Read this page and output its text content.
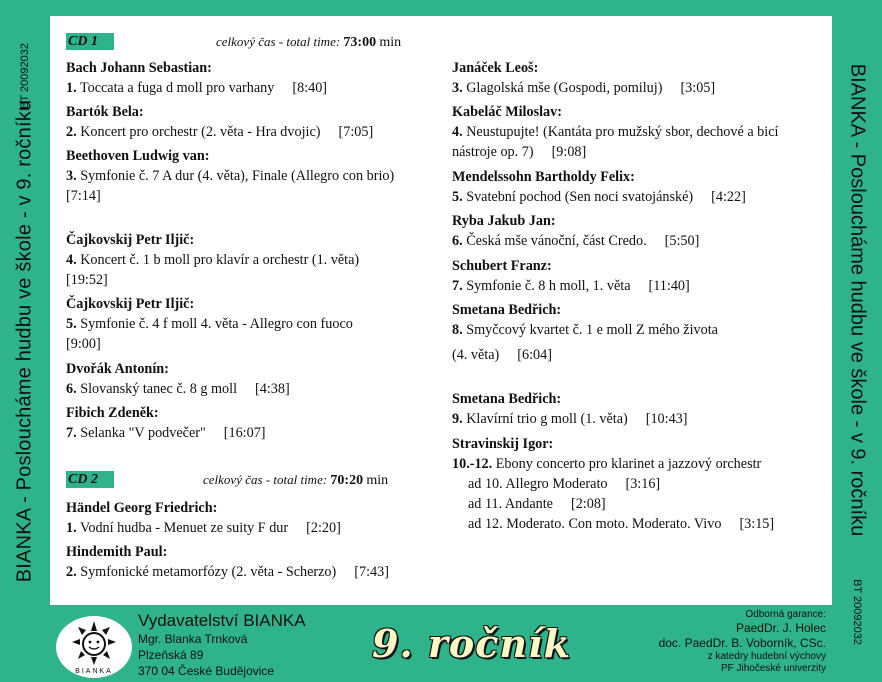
BIANKA - Posloucháme hudbu ve škole - v 9. ročníku
BT 20092032	BIANKA - Posloucháme hudbu ve škole - v 9. ročníku
BT 20092032
CD 1	celkový čas - total time: 73:00 min
Bach Johann Sebastian:
1. Toccata a fuga d moll pro varhany [8:40]
Bartók Bela:
2. Koncert pro orchestr (2. věta - Hra dvojic) [7:05]
Beethoven Ludwig van:
3. Symfonie č. 7 A dur (4. věta), Finale (Allegro con brio)
[7:14]
Čajkovskij Petr Iljič:
4. Koncert č. 1 b moll pro klavír a orchestr (1. věta)
[19:52]
Čajkovskij Petr Iljič:
5. Symfonie č. 4 f moll 4. věta - Allegro con fuoco
[9:00]
Dvořák Antonín:
6. Slovanský tanec č. 8 g moll [4:38]
Fibich Zdeněk:
7. Selanka "V podvečer" [16:07]
CD 2	celkový čas - total time: 70:20 min
Händel Georg Friedrich:
1. Vodní hudba - Menuet ze suity F dur [2:20]
Hindemith Paul:
2. Symfonické metamorfózy (2. věta - Scherzo) [7:43]
Janáček Leoš:
3. Glagolská mše (Gospodi, pomiluj) [3:05]
Kabeláč Miloslav:
4. Neustupujte! (Kantáta pro mužský sbor, dechové a bicí nástroje op. 7) [9:08]
Mendelssohn Bartholdy Felix:
5. Svatební pochod (Sen noci svatojánské) [4:22]
Ryba Jakub Jan:
6. Česká mše vánoční, část Credo. [5:50]
Schubert Franz:
7. Symfonie č. 8 h moll, 1. věta [11:40]
Smetana Bedřich:
8. Smyčcový kvartet č. 1 e moll Z mého života
(4. věta) [6:04]
Smetana Bedřich:
9. Klavírní trio g moll (1. věta) [10:43]
Stravinskij Igor:
10.-12. Ebony concerto pro klarinet a jazzový orchestr
ad 10. Allegro Moderato [3:16]
ad 11. Andante [2:08]
ad 12. Moderato. Con moto. Moderato. Vivo [3:15]
BIANKA
Vydavatelství BIANKA
Mgr. Blanka Trnková
Plzeňská 89
370 04 České Budějovice
9. ročník
Odborná garance:
PaedDr. J. Holec
doc. PaedDr. B. Voborník, CSc.
z katedry hudební výchovy
PF Jihočeské univerzity
